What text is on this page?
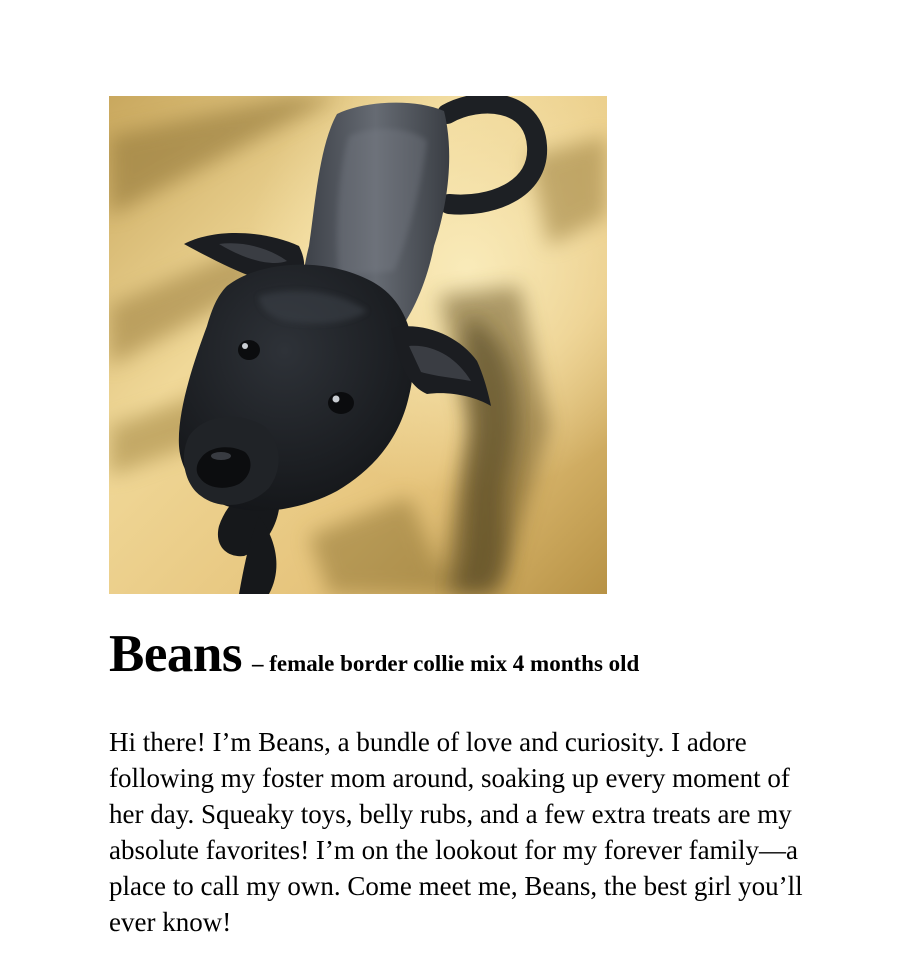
Beans – female border collie mix 4 months old

Hi there! I’m Beans, a bundle of love and curiosity. I adore following my foster mom around, soaking up every moment of her day. Squeaky toys, belly rubs, and a few extra treats are my absolute favorites! I’m on the lookout for my forever family—a place to call my own. Come meet me, Beans, the best girl you’ll ever know!
